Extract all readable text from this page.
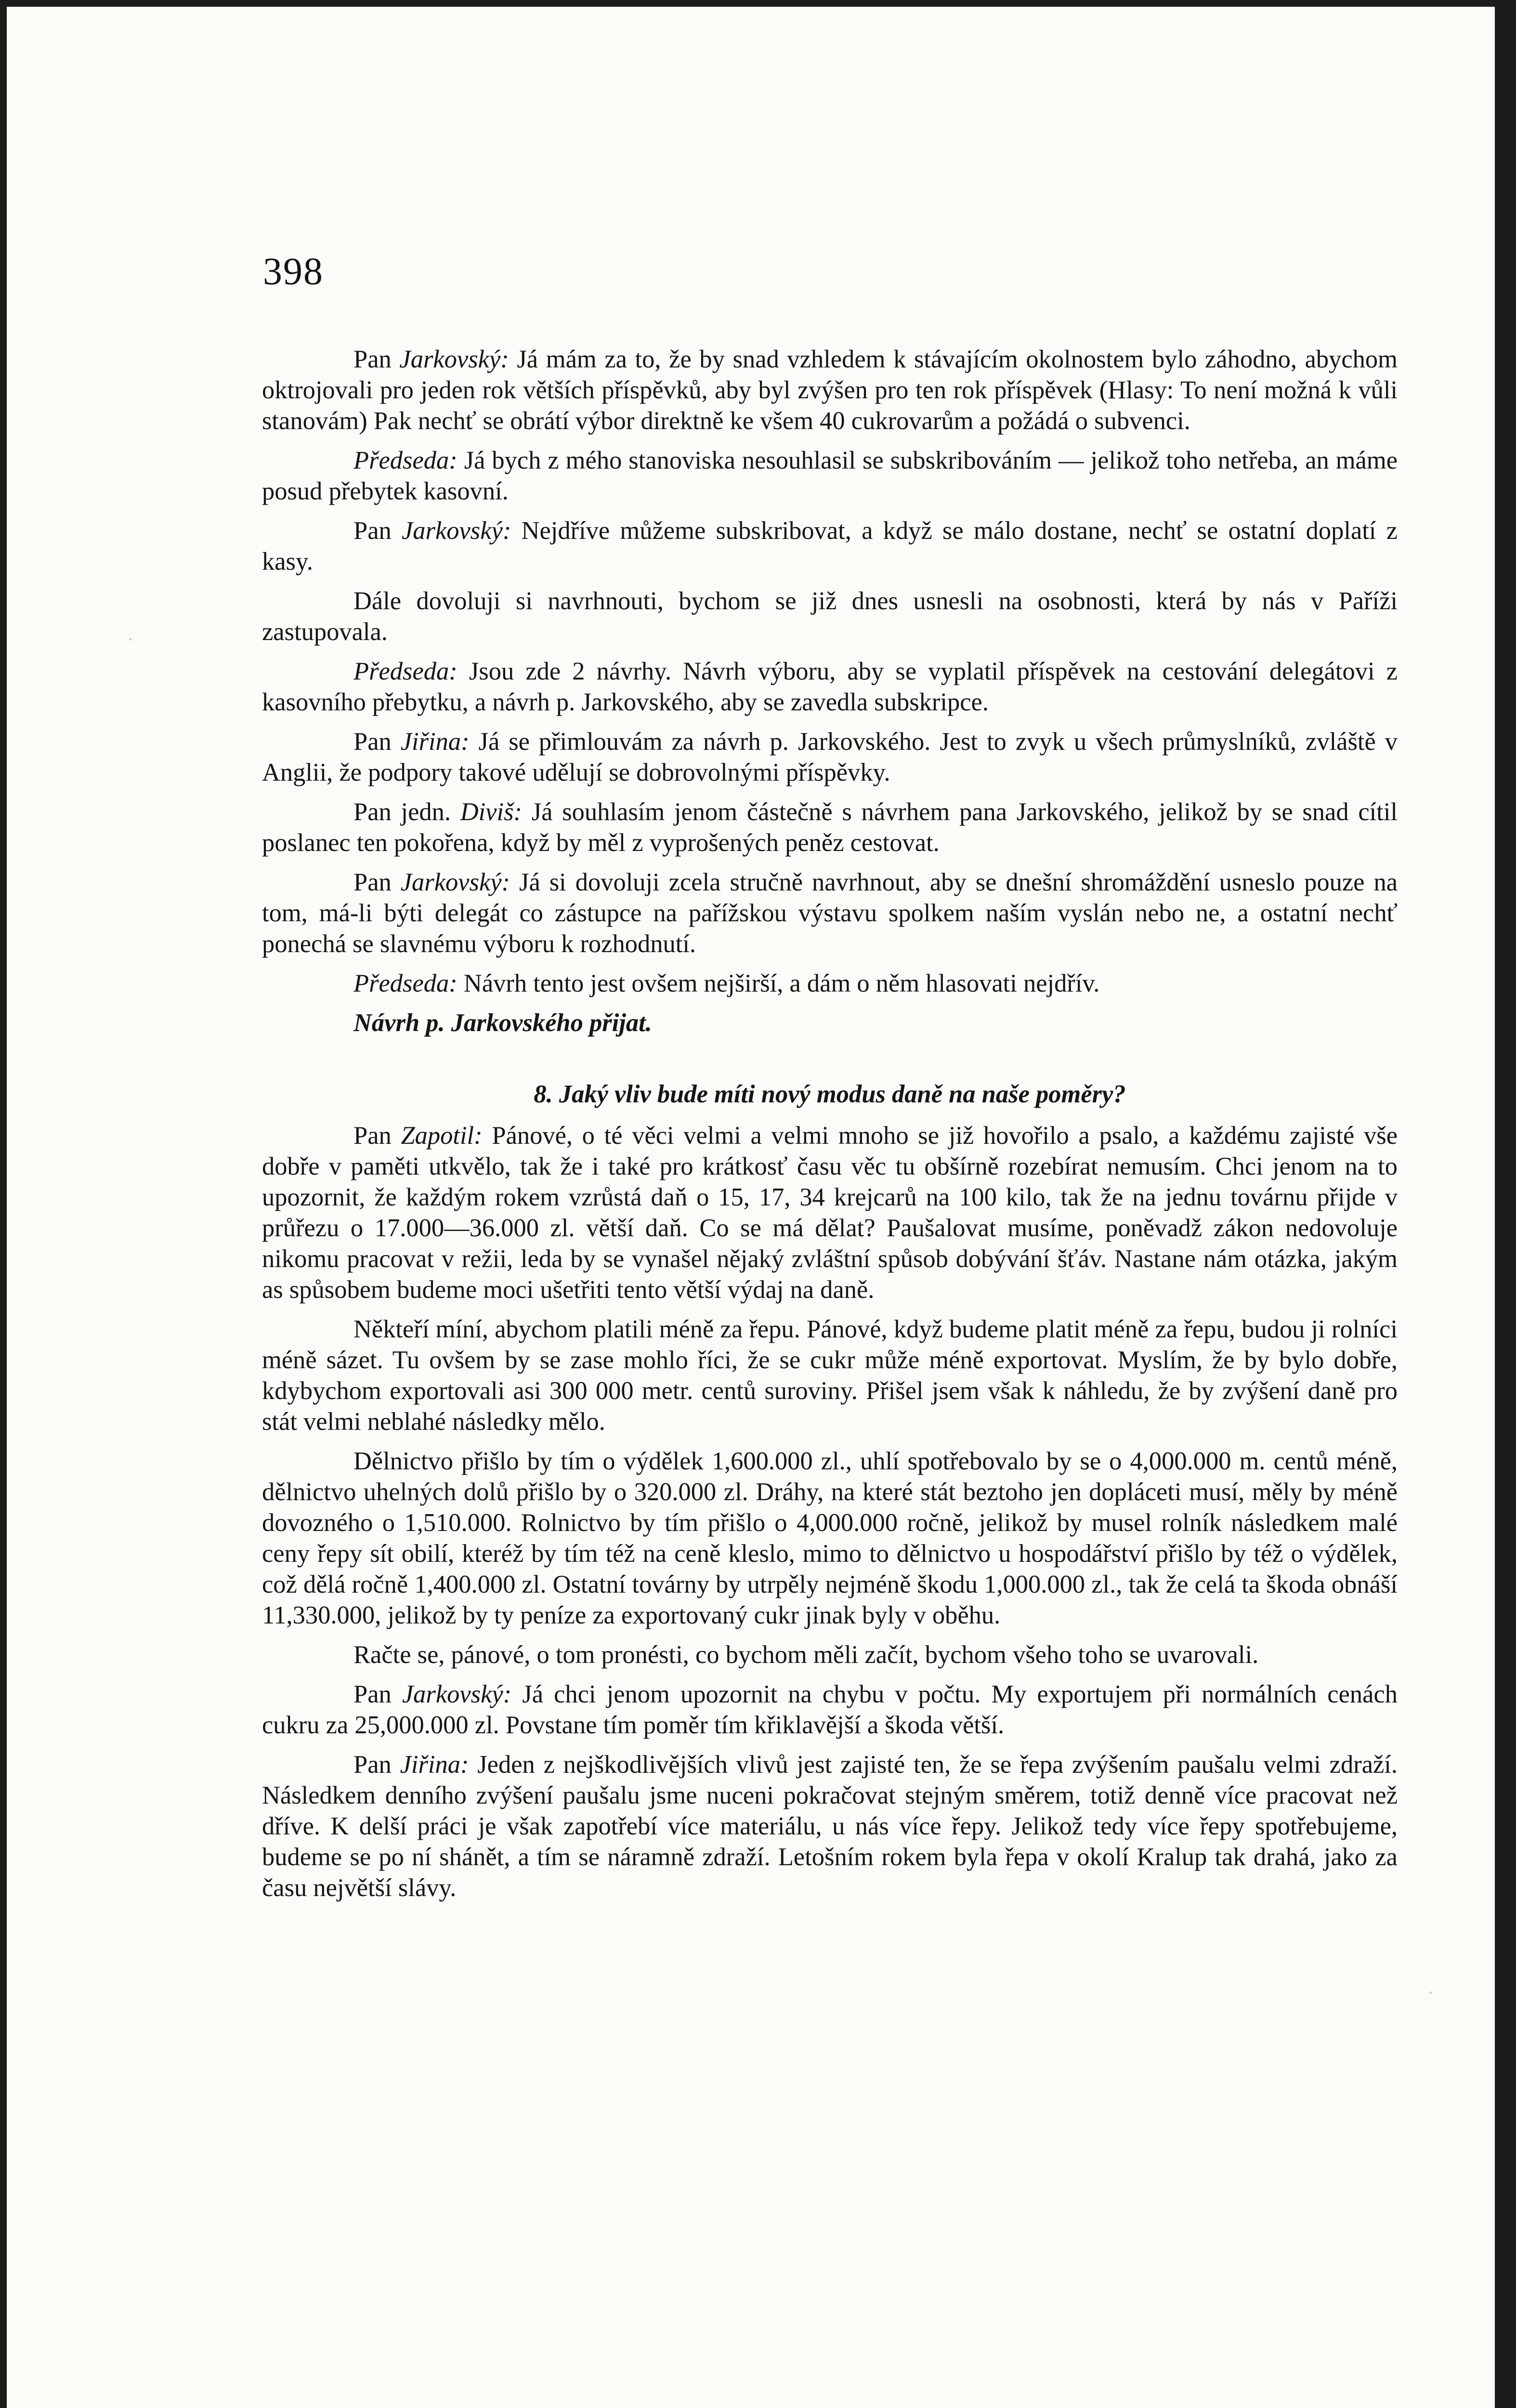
398

Pan Jarkovský: Já mám za to, že by snad vzhledem k stávajícím okolnostem bylo záhodno, abychom oktrojovali pro jeden rok větších příspěvků, aby byl zvýšen pro ten rok příspěvek (Hlasy: To není možná k vůli stanovám) Pak nechť se obrátí výbor direktně ke všem 40 cukrovarům a požádá o subvenci.

Předseda: Já bych z mého stanoviska nesouhlasil se subskribováním — jelikož toho netřeba, an máme posud přebytek kasovní.

Pan Jarkovský: Nejdříve můžeme subskribovat, a když se málo dostane, nechť se ostatní doplatí z kasy.

Dále dovoluji si navrhnouti, bychom se již dnes usnesli na osobnosti, která by nás v Paříži zastupovala.

Předseda: Jsou zde 2 návrhy. Návrh výboru, aby se vyplatil příspěvek na cestování delegátovi z kasovního přebytku, a návrh p. Jarkovského, aby se zavedla subskripce.

Pan Jiřina: Já se přimlouvám za návrh p. Jarkovského. Jest to zvyk u všech průmyslníků, zvláště v Anglii, že podpory takové udělují se dobrovolnými příspěvky.

Pan jedn. Diviš: Já souhlasím jenom částečně s návrhem pana Jarkovského, jelikož by se snad cítil poslanec ten pokořena, když by měl z vyprošených peněz cestovat.

Pan Jarkovský: Já si dovoluji zcela stručně navrhnout, aby se dnešní shromáždění usneslo pouze na tom, má-li býti delegát co zástupce na pařížskou výstavu spolkem naším vyslán nebo ne, a ostatní nechť ponechá se slavnému výboru k rozhodnutí.

Předseda: Návrh tento jest ovšem nejširší, a dám o něm hlasovati nejdřív.

Návrh p. Jarkovského přijat.

8. Jaký vliv bude míti nový modus daně na naše poměry?

Pan Zapotil: Pánové, o té věci velmi a velmi mnoho se již hovořilo a psalo, a každému zajisté vše dobře v paměti utkvělo, tak že i také pro krátkosť času věc tu obšírně rozebírat nemusím. Chci jenom na to upozornit, že každým rokem vzrůstá daň o 15, 17, 34 krejcarů na 100 kilo, tak že na jednu továrnu přijde v průřezu o 17.000—36.000 zl. větší daň. Co se má dělat? Paušalovat musíme, poněvadž zákon nedovoluje nikomu pracovat v režii, leda by se vynašel nějaký zvláštní spůsob dobývání šťáv. Nastane nám otázka, jakým as spůsobem budeme moci ušetřiti tento větší výdaj na daně.

Někteří míní, abychom platili méně za řepu. Pánové, když budeme platit méně za řepu, budou ji rolníci méně sázet. Tu ovšem by se zase mohlo říci, že se cukr může méně exportovat. Myslím, že by bylo dobře, kdybychom exportovali asi 300 000 metr. centů suroviny. Přišel jsem však k náhledu, že by zvýšení daně pro stát velmi neblahé následky mělo.

Dělnictvo přišlo by tím o výdělek 1,600.000 zl., uhlí spotřebovalo by se o 4,000.000 m. centů méně, dělnictvo uhelných dolů přišlo by o 320.000 zl. Dráhy, na které stát beztoho jen dopláceti musí, měly by méně dovozného o 1,510.000. Rolnictvo by tím přišlo o 4,000.000 ročně, jelikož by musel rolník následkem malé ceny řepy sít obilí, kteréž by tím též na ceně kleslo, mimo to dělnictvo u hospodářství přišlo by též o výdělek, což dělá ročně 1,400.000 zl. Ostatní továrny by utrpěly nejméně škodu 1,000.000 zl., tak že celá ta škoda obnáší 11,330.000, jelikož by ty peníze za exportovaný cukr jinak byly v oběhu.

Račte se, pánové, o tom pronésti, co bychom měli začít, bychom všeho toho se uvarovali.

Pan Jarkovský: Já chci jenom upozornit na chybu v počtu. My exportujem při normálních cenách cukru za 25,000.000 zl. Povstane tím poměr tím křiklavější a škoda větší.

Pan Jiřina: Jeden z nejškodlivějších vlivů jest zajisté ten, že se řepa zvýšením paušalu velmi zdraží. Následkem denního zvýšení paušalu jsme nuceni pokračovat stejným směrem, totiž denně více pracovat než dříve. K delší práci je však zapotřebí více materiálu, u nás více řepy. Jelikož tedy více řepy spotřebujeme, budeme se po ní shánět, a tím se náramně zdraží. Letošním rokem byla řepa v okolí Kralup tak drahá, jako za času největší slávy.

·
·
